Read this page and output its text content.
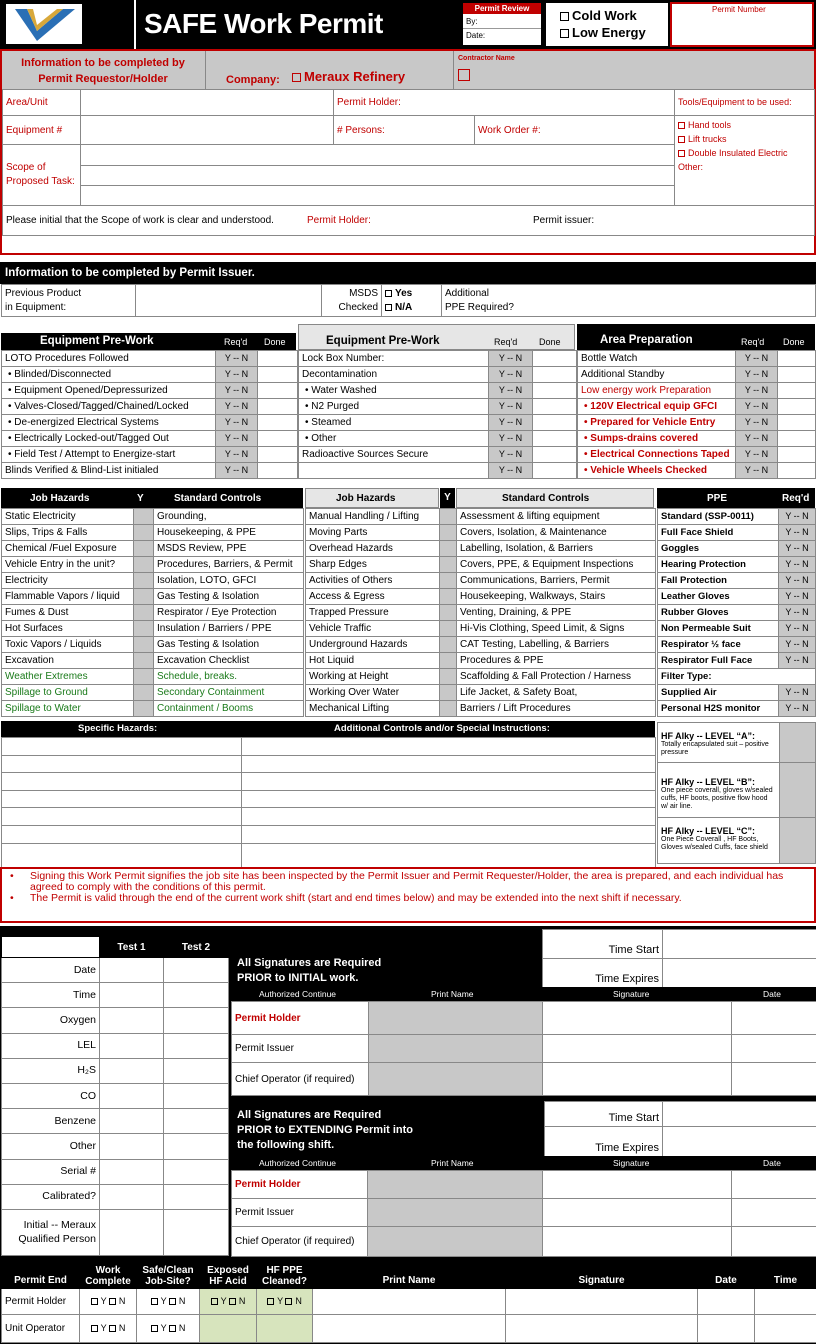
SAFE Work Permit	Permit Review
By:
Date:
Cold Work
Low Energy
Permit Number
Information to be completed by Permit Requestor/Holder	Company:	Meraux Refinery
Contractor Name
Area/Unit		Permit Holder:		Tools/Equipment to be used:
Equipment #		# Persons:	Work Order #:	Hand tools
Lift trucks
Double Insulated Electric
Other:

Scope of Proposed Task:				

Please initial that the Scope of work is clear and understood. Permit Holder: Permit issuer:				
Information to be completed by Permit Issuer.
Previous Product
in Equipment:		MSDS
Checked	
Yes
N/A
	Additional
PPE Required?
Equipment Pre-Work	Req'd Done	Equipment Pre-Work	Req'd Done	Area Preparation	Req'd Done
LOTO Procedures Followed	Y -- N	
• Blinded/Disconnected	Y -- N	
• Equipment Opened/Depressurized	Y -- N	
• Valves-Closed/Tagged/Chained/Locked	Y -- N	
• De-energized Electrical Systems	Y -- N	
• Electrically Locked-out/Tagged Out	Y -- N	
• Field Test / Attempt to Energize-start	Y -- N	
Blinds Verified & Blind-List initialed	Y -- N	
Lock Box Number:	Y -- N	
Decontamination	Y -- N	
• Water Washed	Y -- N	
• N2 Purged	Y -- N	
• Steamed	Y -- N	
• Other	Y -- N	
Radioactive Sources Secure	Y -- N	
	Y -- N	
Bottle Watch	Y -- N	
Additional Standby	Y -- N	
Low energy work Preparation	Y -- N	
• 120V Electrical equip GFCI	Y -- N	
• Prepared for Vehicle Entry	Y -- N	
• Sumps-drains covered	Y -- N	
• Electrical Connections Taped	Y -- N	
• Vehicle Wheels Checked	Y -- N	
Job Hazards	Y	Standard Controls	Job Hazards	Y	Standard Controls	PPE	Req'd
Static Electricity		Grounding,
Slips, Trips & Falls		Housekeeping, & PPE
Chemical /Fuel Exposure		MSDS Review, PPE
Vehicle Entry in the unit?		Procedures, Barriers, & Permit
Electricity		Isolation, LOTO, GFCI
Flammable Vapors / liquid		Gas Testing & Isolation
Fumes & Dust		Respirator / Eye Protection
Hot Surfaces		Insulation / Barriers / PPE
Toxic Vapors / Liquids		Gas Testing & Isolation
Excavation		Excavation Checklist
Weather Extremes		Schedule, breaks.
Spillage to Ground		Secondary Containment
Spillage to Water		Containment / Booms
Manual Handling / Lifting		Assessment & lifting equipment
Moving Parts		Covers, Isolation, & Maintenance
Overhead Hazards		Labelling, Isolation, & Barriers
Sharp Edges		Covers, PPE, & Equipment Inspections
Activities of Others		Communications, Barriers, Permit
Access & Egress		Housekeeping, Walkways, Stairs
Trapped Pressure		Venting, Draining, & PPE
Vehicle Traffic		Hi-Vis Clothing, Speed Limit, & Signs
Underground Hazards		CAT Testing, Labelling, & Barriers
Hot Liquid		Procedures & PPE
Working at Height		Scaffolding & Fall Protection / Harness
Working Over Water		Life Jacket, & Safety Boat,
Mechanical Lifting		Barriers / Lift Procedures
Standard (SSP-0011)	Y -- N
Full Face Shield	Y -- N
Goggles	Y -- N
Hearing Protection	Y -- N
Fall Protection	Y -- N
Leather Gloves	Y -- N
Rubber Gloves	Y -- N
Non Permeable Suit	Y -- N
Respirator ½ face	Y -- N
Respirator Full Face	Y -- N
Filter Type:	
Supplied Air	Y -- N
Personal H2S monitor	Y -- N
Specific Hazards:	Additional Controls and/or Special Instructions:

HF Alky -- LEVEL “A”:
Totally encapsulated suit – positive pressure	

HF Alky -- LEVEL “B”:
One piece coverall, gloves w/sealed cuffs, HF boots, positive flow hood w/ air line.	

HF Alky -- LEVEL “C”:
One Piece Coverall , HF Boots, Gloves w/sealed Cuffs, face shield	

• Signing this Work Permit signifies the job site has been inspected by the Permit Issuer and Permit Requester/Holder, the area is prepared, and each individual has agreed to comply with the conditions of this permit.
• The Permit is valid through the end of the current work shift (start and end times below) and may be extended into the next shift if necessary.
	Test 1	Test 2
Date		
Time		
Oxygen		
LEL		
H₂S		
CO		
Benzene		
Other		
Serial #		
Calibrated?		
Initial -- Meraux Qualified Person		
All Signatures are Required PRIOR to INITIAL work.
Time Start	
Time Expires	
Authorized Continue	Print Name	Signature	Date
Permit Holder			
Permit Issuer			
Chief Operator (if required)			
All Signatures are Required PRIOR to EXTENDING Permit into the following shift.
Time Start	
Time Expires	
Authorized Continue	Print Name	Signature	Date
Permit Holder			
Permit Issuer			
Chief Operator (if required)			
Permit End	Work Complete	Safe/Clean Job-Site?	Exposed HF Acid	HF PPE Cleaned?	Print Name	Signature	Date	Time
Permit Holder	Y N	Y N	Y N	Y N				
Unit Operator	Y N	Y N						
